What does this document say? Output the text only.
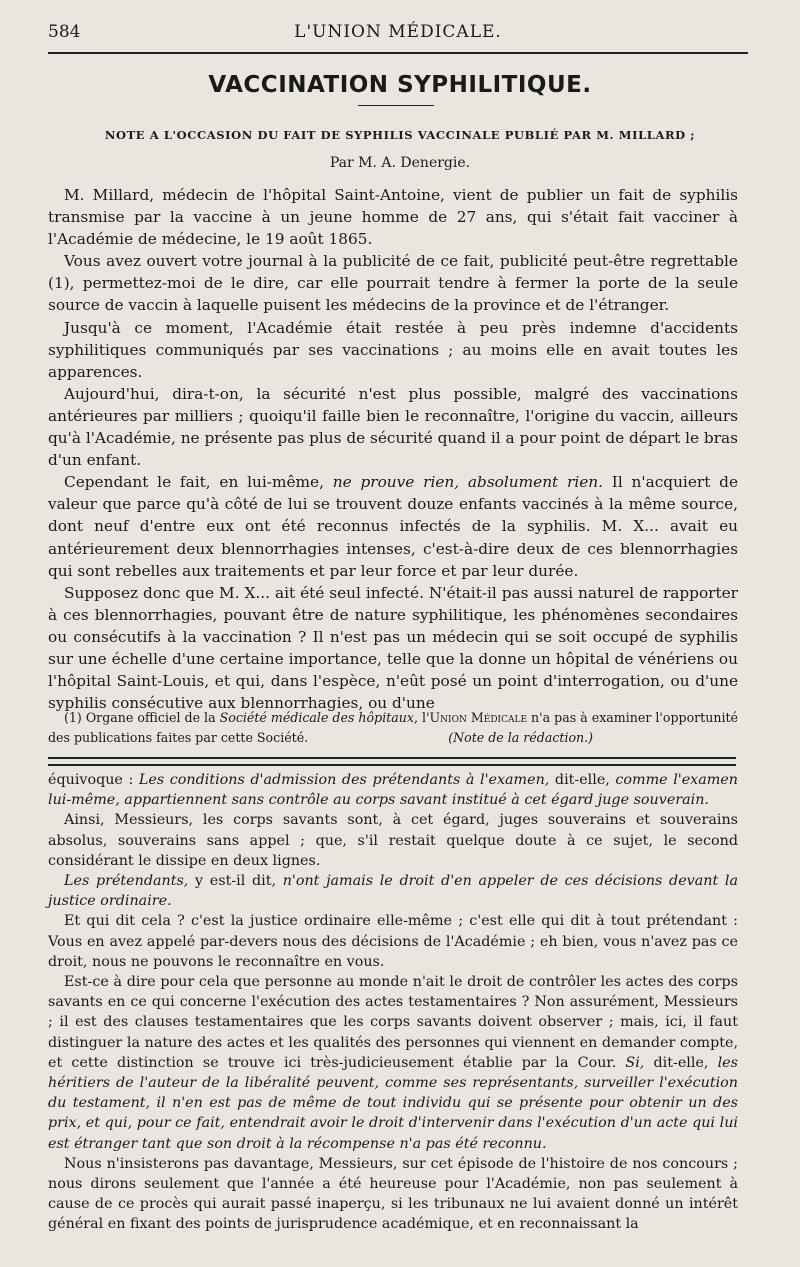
584	L'UNION MÉDICALE.
VACCINATION SYPHILITIQUE.
NOTE A L'OCCASION DU FAIT DE SYPHILIS VACCINALE PUBLIÉ PAR M. MILLARD ;
Par M. A. Denergie.

M. Millard, médecin de l'hôpital Saint-Antoine, vient de publier un fait de syphilis transmise par la vaccine à un jeune homme de 27 ans, qui s'était fait vacciner à l'Académie de médecine, le 19 août 1865.

Vous avez ouvert votre journal à la publicité de ce fait, publicité peut-être regrettable (1), permettez-moi de le dire, car elle pourrait tendre à fermer la porte de la seule source de vaccin à laquelle puisent les médecins de la province et de l'étranger.

Jusqu'à ce moment, l'Académie était restée à peu près indemne d'accidents syphilitiques communiqués par ses vaccinations ; au moins elle en avait toutes les apparences.

Aujourd'hui, dira-t-on, la sécurité n'est plus possible, malgré des vaccinations antérieures par milliers ; quoiqu'il faille bien le reconnaître, l'origine du vaccin, ailleurs qu'à l'Académie, ne présente pas plus de sécurité quand il a pour point de départ le bras d'un enfant.

Cependant le fait, en lui-même, ne prouve rien, absolument rien. Il n'acquiert de valeur que parce qu'à côté de lui se trouvent douze enfants vaccinés à la même source, dont neuf d'entre eux ont été reconnus infectés de la syphilis. M. X... avait eu antérieurement deux blennorrhagies intenses, c'est-à-dire deux de ces blennorrhagies qui sont rebelles aux traitements et par leur force et par leur durée.

Supposez donc que M. X... ait été seul infecté. N'était-il pas aussi naturel de rapporter à ces blennorrhagies, pouvant être de nature syphilitique, les phénomènes secondaires ou consécutifs à la vaccination ? Il n'est pas un médecin qui se soit occupé de syphilis sur une échelle d'une certaine importance, telle que la donne un hôpital de vénériens ou l'hôpital Saint-Louis, et qui, dans l'espèce, n'eût posé un point d'interrogation, ou d'une syphilis consécutive aux blennorrhagies, ou d'une

(1) Organe officiel de la Société médicale des hôpitaux, l'Union Médicale n'a pas à examiner l'opportunité des publications faites par cette Société.	(Note de la rédaction.)

équivoque : Les conditions d'admission des prétendants à l'examen, dit-elle, comme l'examen lui-même, appartiennent sans contrôle au corps savant institué à cet égard juge souverain.

Ainsi, Messieurs, les corps savants sont, à cet égard, juges souverains et souverains absolus, souverains sans appel ; que, s'il restait quelque doute à ce sujet, le second considérant le dissipe en deux lignes.

Les prétendants, y est-il dit, n'ont jamais le droit d'en appeler de ces décisions devant la justice ordinaire.

Et qui dit cela ? c'est la justice ordinaire elle-même ; c'est elle qui dit à tout prétendant : Vous en avez appelé par-devers nous des décisions de l'Académie ; eh bien, vous n'avez pas ce droit, nous ne pouvons le reconnaître en vous.

Est-ce à dire pour cela que personne au monde n'ait le droit de contrôler les actes des corps savants en ce qui concerne l'exécution des actes testamentaires ? Non assurément, Messieurs ; il est des clauses testamentaires que les corps savants doivent observer ; mais, ici, il faut distinguer la nature des actes et les qualités des personnes qui viennent en demander compte, et cette distinction se trouve ici très-judicieusement établie par la Cour. Si, dit-elle, les héritiers de l'auteur de la libéralité peuvent, comme ses représentants, surveiller l'exécution du testament, il n'en est pas de même de tout individu qui se présente pour obtenir un des prix, et qui, pour ce fait, entendrait avoir le droit d'intervenir dans l'exécution d'un acte qui lui est étranger tant que son droit à la récompense n'a pas été reconnu.

Nous n'insisterons pas davantage, Messieurs, sur cet épisode de l'histoire de nos concours ; nous dirons seulement que l'année a été heureuse pour l'Académie, non pas seulement à cause de ce procès qui aurait passé inaperçu, si les tribunaux ne lui avaient donné un intérêt général en fixant des points de jurisprudence académique, et en reconnaissant la
